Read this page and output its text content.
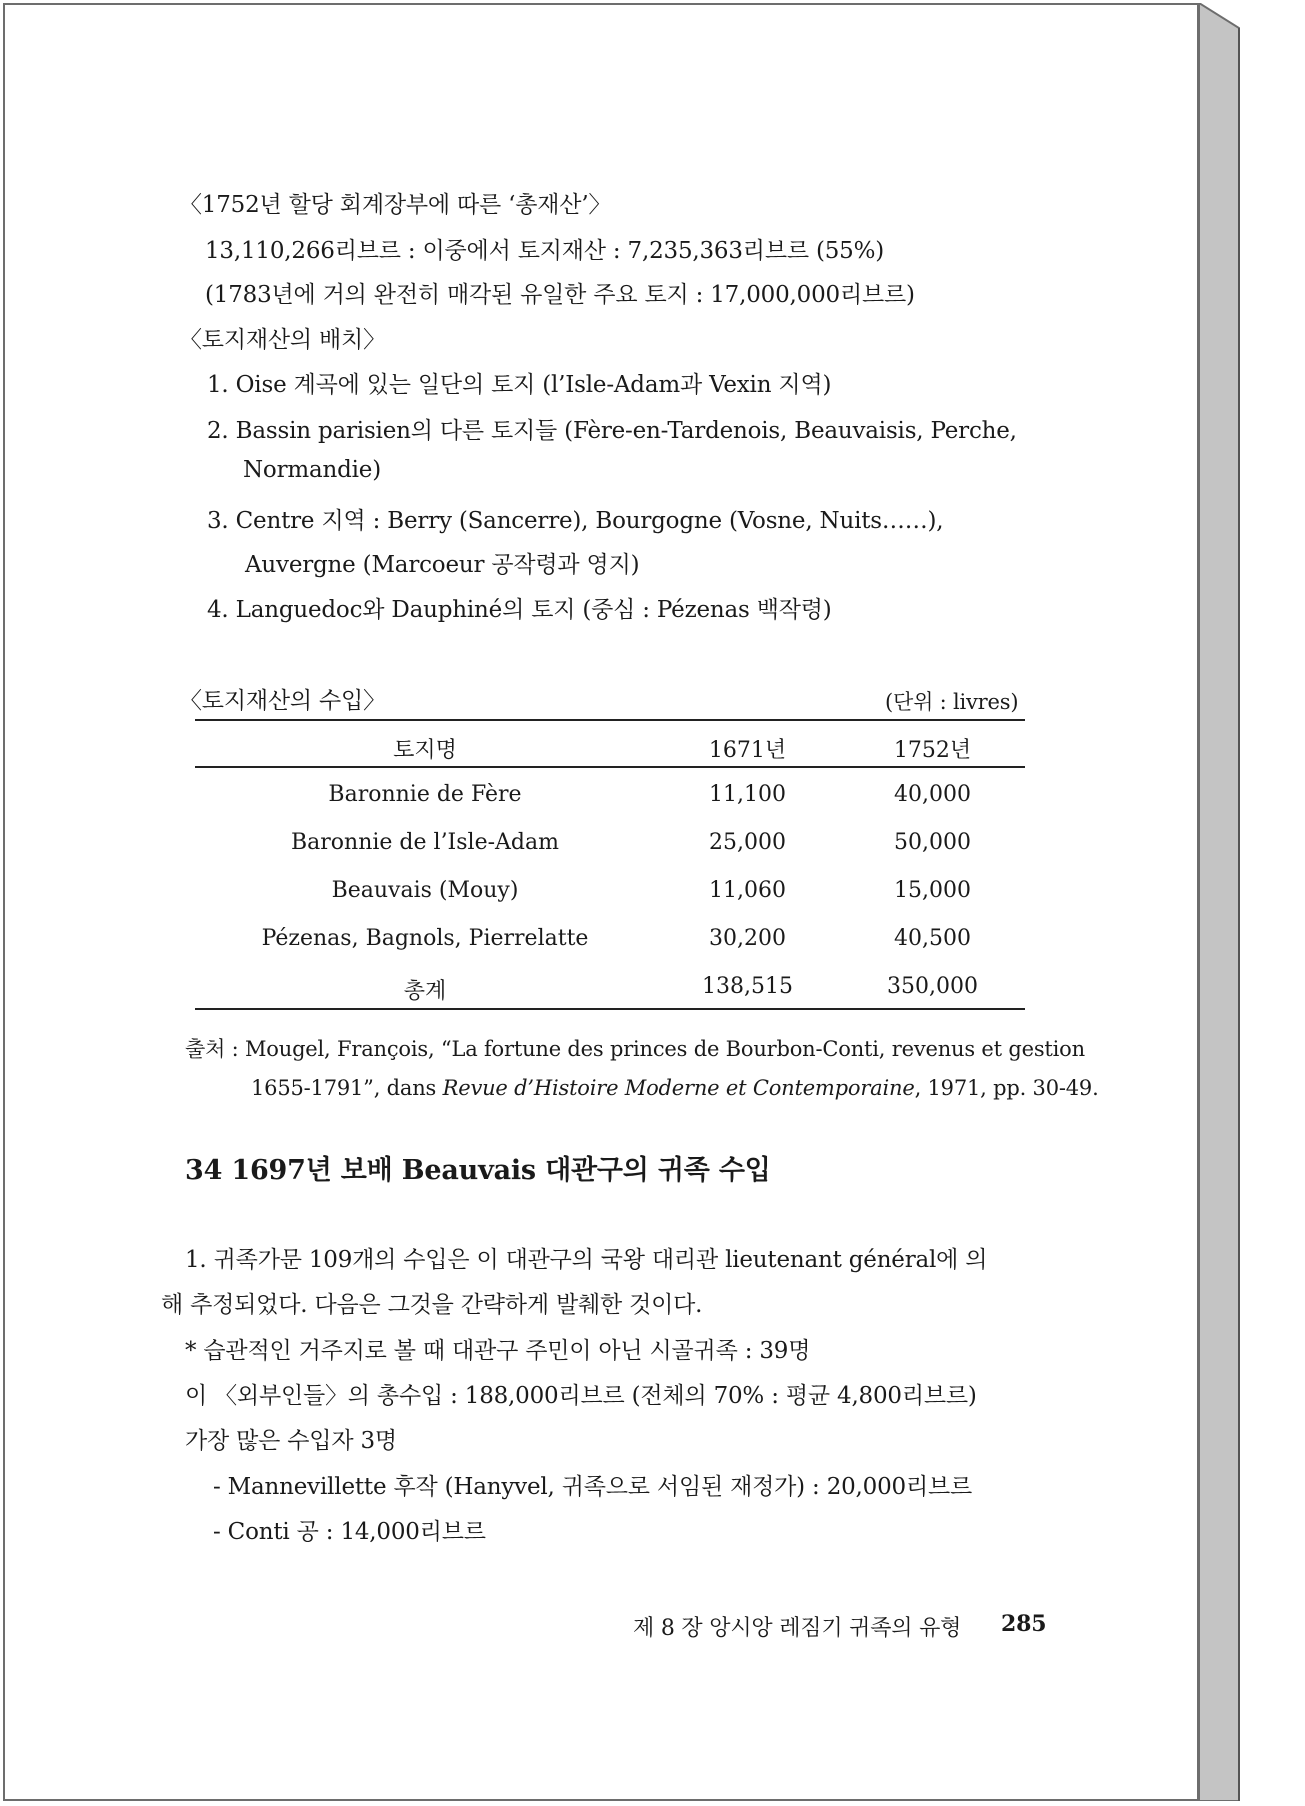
〈1752년 할당 회계장부에 따른 ‘총재산’〉
13,110,266리브르 : 이중에서 토지재산 : 7,235,363리브르 (55%)
(1783년에 거의 완전히 매각된 유일한 주요 토지 : 17,000,000리브르)
〈토지재산의 배치〉
1. Oise 계곡에 있는 일단의 토지 (l’Isle-Adam과 Vexin 지역)
2. Bassin parisien의 다른 토지들 (Fère-en-Tardenois, Beauvaisis, Perche,
Normandie)
3. Centre 지역 : Berry (Sancerre), Bourgogne (Vosne, Nuits……),
Auvergne (Marcoeur 공작령과 영지)
4. Languedoc와 Dauphiné의 토지 (중심 : Pézenas 백작령)
〈토지재산의 수입〉	(단위 : livres)
토지명	1671년	1752년
Baronnie de Fère	11,100	40,000
Baronnie de l’Isle-Adam	25,000	50,000
Beauvais (Mouy)	11,060	15,000
Pézenas, Bagnols, Pierrelatte	30,200	40,500
총계	138,515	350,000
출처 : Mougel, François, “La fortune des princes de Bourbon-Conti, revenus et gestion
1655-1791”, dans Revue d’Histoire Moderne et Contemporaine, 1971, pp. 30-49.
34 1697년 보배 Beauvais 대관구의 귀족 수입
1. 귀족가문 109개의 수입은 이 대관구의 국왕 대리관 lieutenant général에 의
해 추정되었다. 다음은 그것을 간략하게 발췌한 것이다.
* 습관적인 거주지로 볼 때 대관구 주민이 아닌 시골귀족 : 39명
이 〈외부인들〉의 총수입 : 188,000리브르 (전체의 70% : 평균 4,800리브르)
가장 많은 수입자 3명
- Mannevillette 후작 (Hanyvel, 귀족으로 서임된 재정가) : 20,000리브르
- Conti 공 : 14,000리브르
제 8 장 앙시앙 레짐기 귀족의 유형 285
